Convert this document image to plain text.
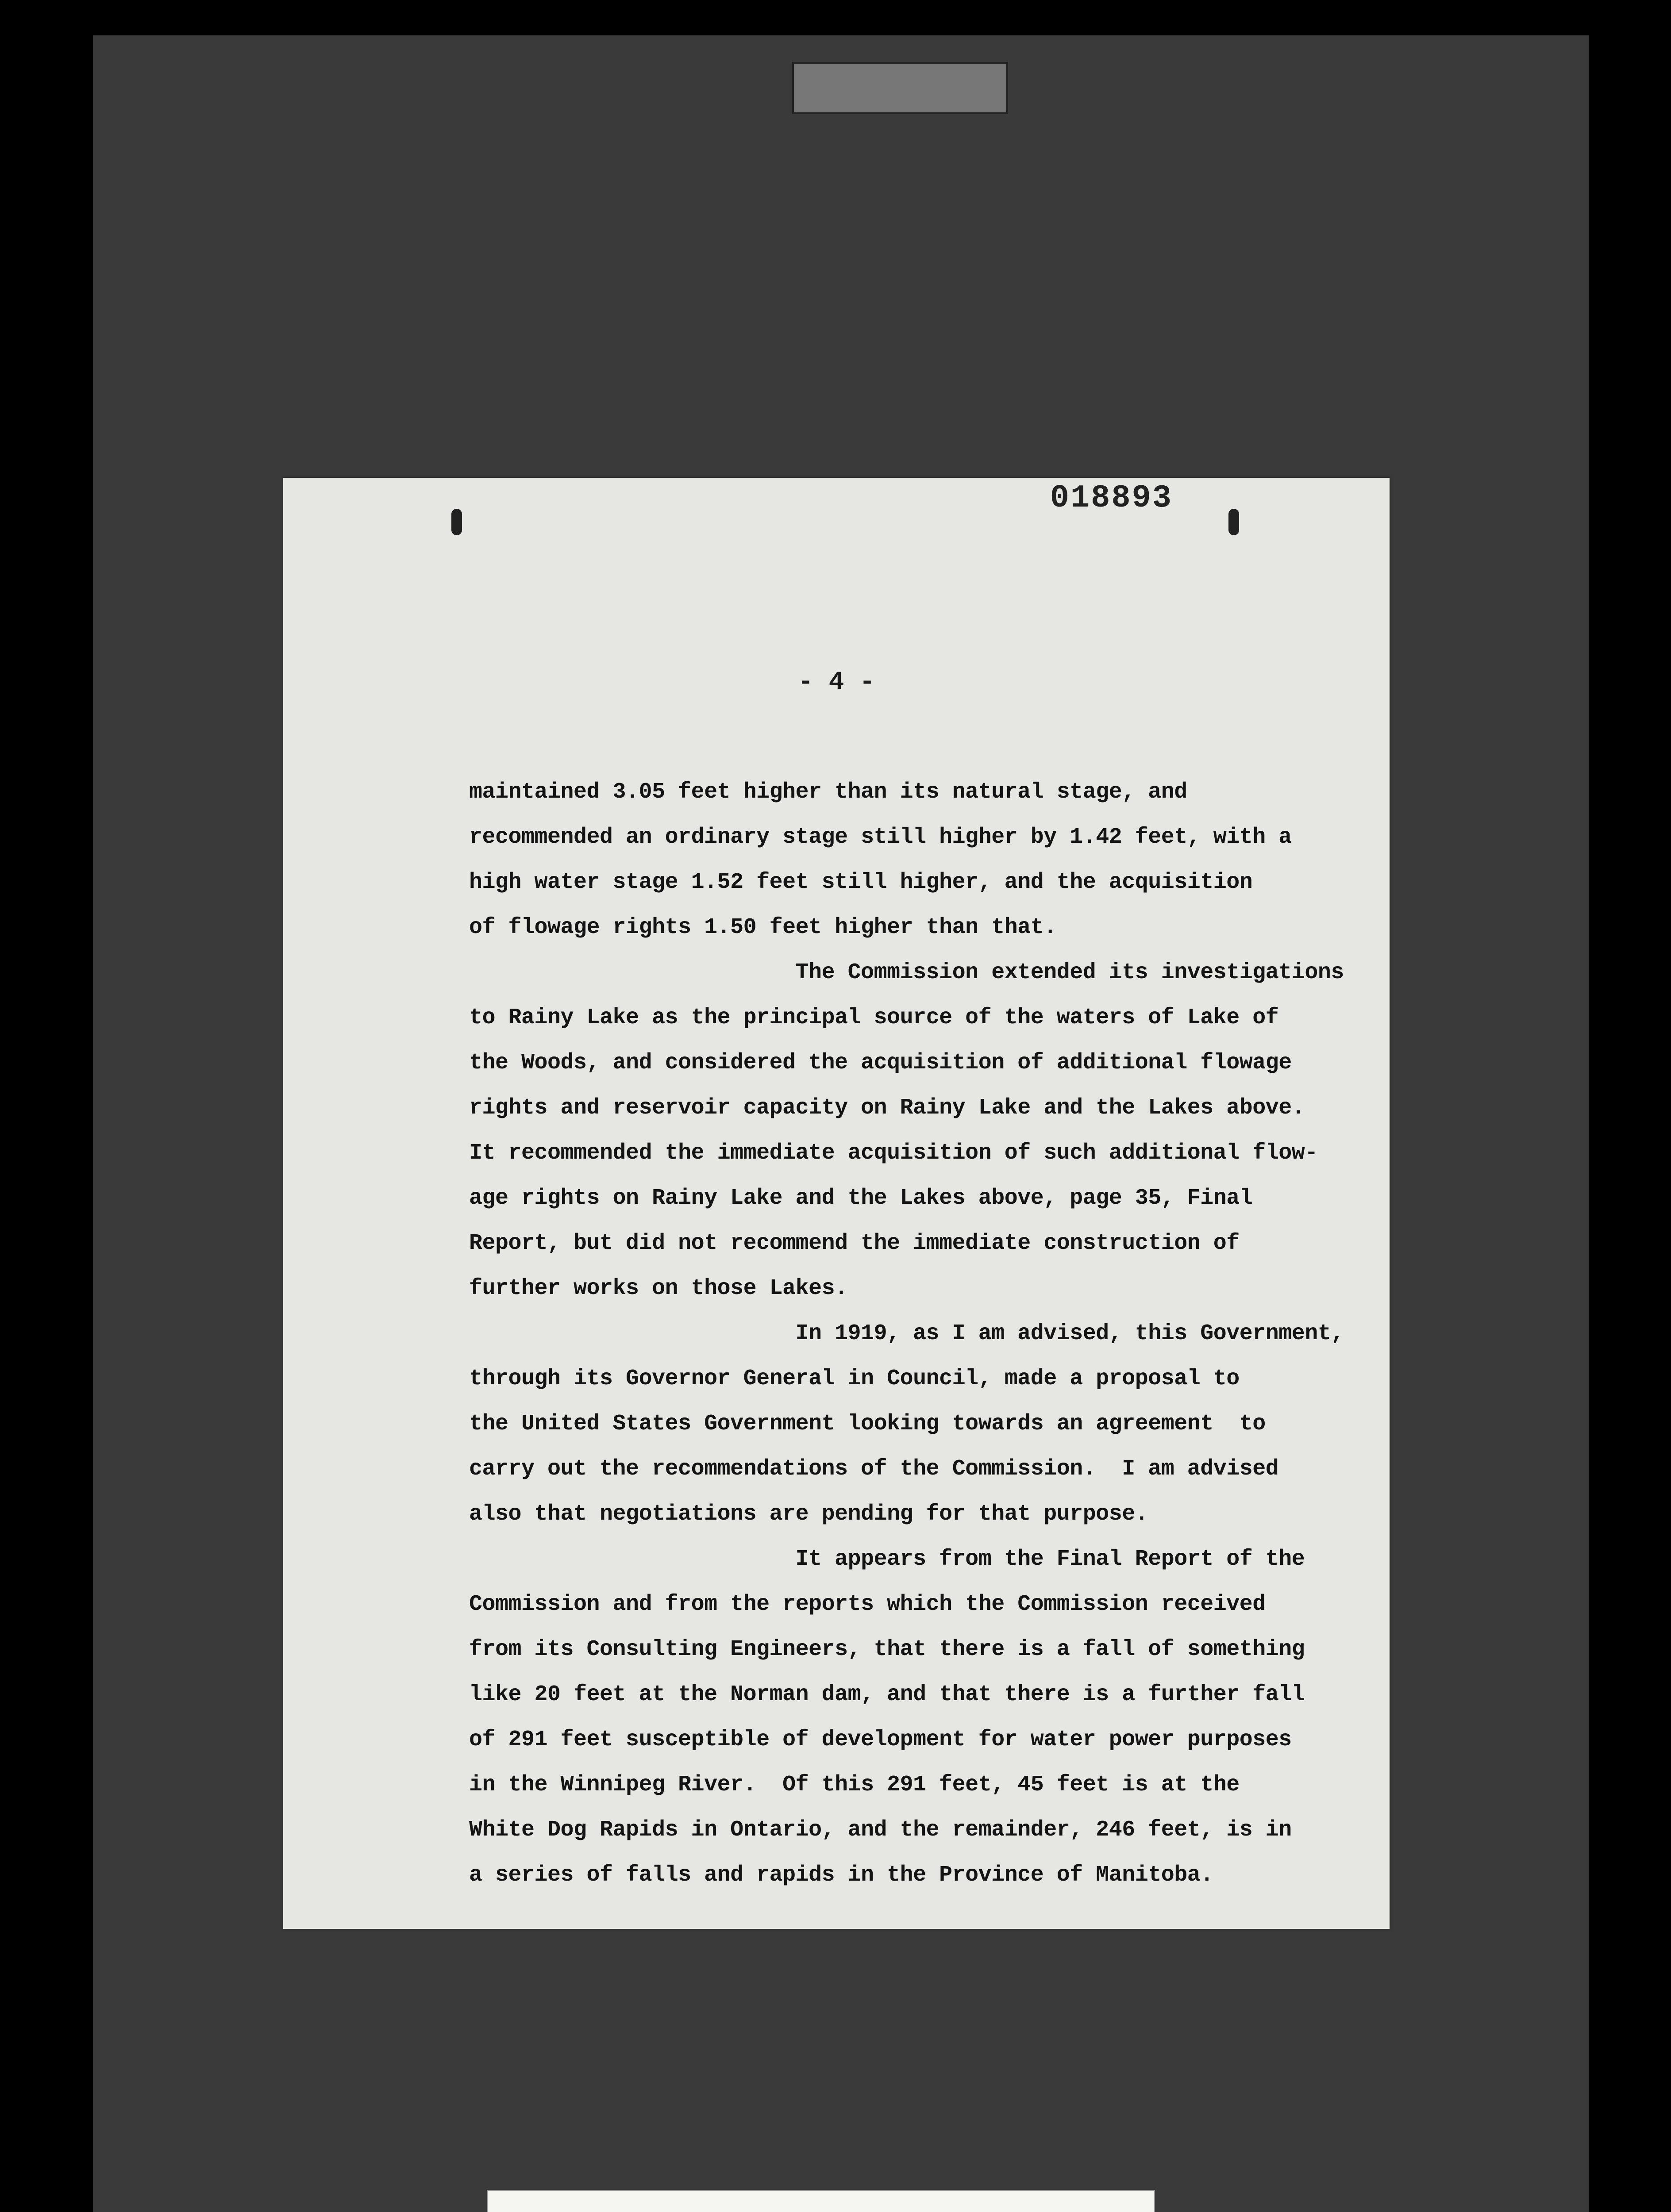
018893
- 4 -
maintained 3.05 feet higher than its natural stage, and
recommended an ordinary stage still higher by 1.42 feet, with a
high water stage 1.52 feet still higher, and the acquisition
of flowage rights 1.50 feet higher than that.
The Commission extended its investigations
to Rainy Lake as the principal source of the waters of Lake of
the Woods, and considered the acquisition of additional flowage
rights and reservoir capacity on Rainy Lake and the Lakes above.
It recommended the immediate acquisition of such additional flow-
age rights on Rainy Lake and the Lakes above, page 35, Final
Report, but did not recommend the immediate construction of
further works on those Lakes.
In 1919, as I am advised, this Government,
through its Governor General in Council, made a proposal to
the United States Government looking towards an agreement  to
carry out the recommendations of the Commission.  I am advised
also that negotiations are pending for that purpose.
It appears from the Final Report of the
Commission and from the reports which the Commission received
from its Consulting Engineers, that there is a fall of something
like 20 feet at the Norman dam, and that there is a further fall
of 291 feet susceptible of development for water power purposes
in the Winnipeg River.  Of this 291 feet, 45 feet is at the
White Dog Rapids in Ontario, and the remainder, 246 feet, is in
a series of falls and rapids in the Province of Manitoba.
